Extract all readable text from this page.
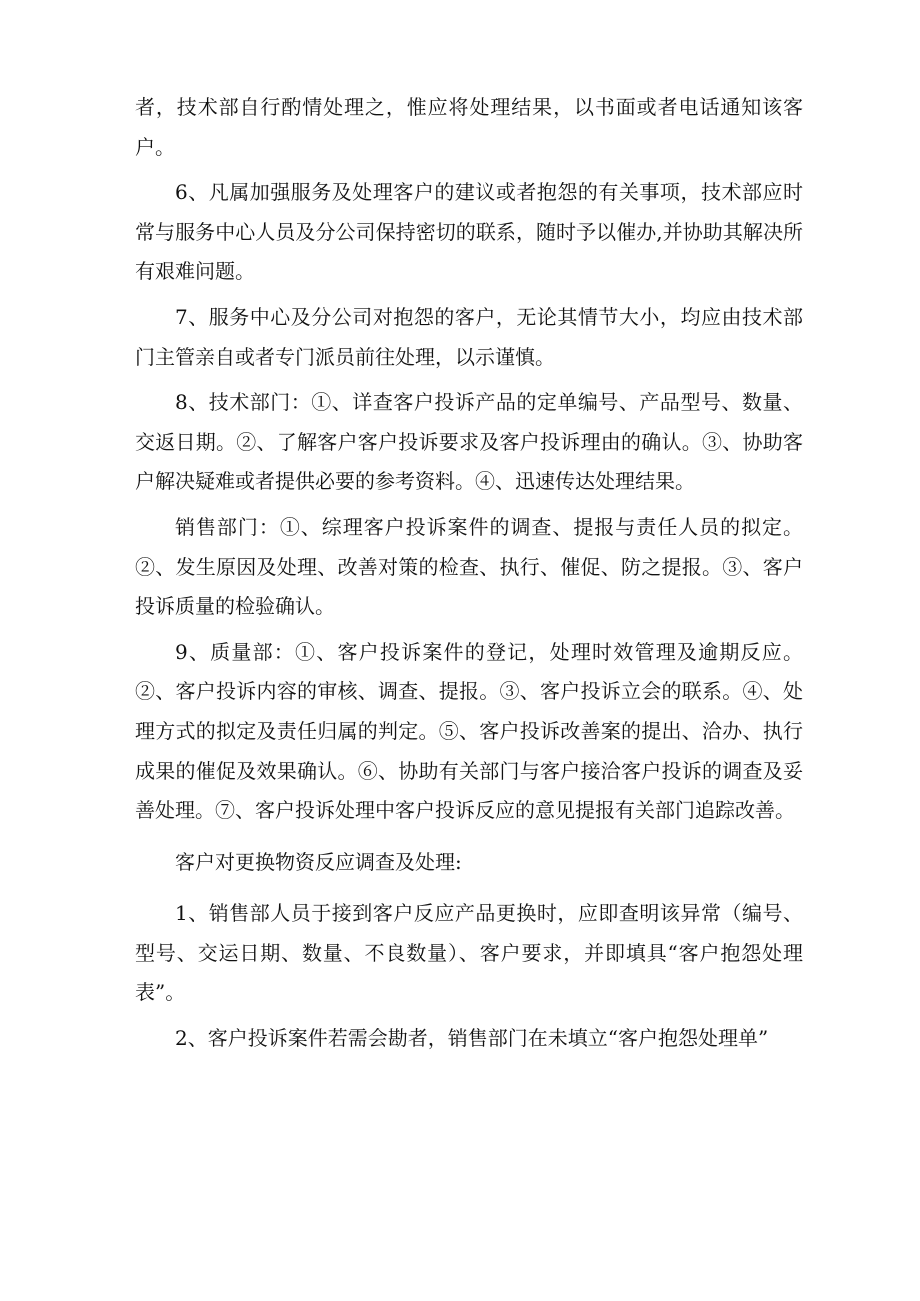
者，技术部自行酌情处理之，惟应将处理结果，以书面或者电话通知该客户。

6、凡属加强服务及处理客户的建议或者抱怨的有关事项，技术部应时常与服务中心人员及分公司保持密切的联系，随时予以催办,并协助其解决所有艰难问题。

7、服务中心及分公司对抱怨的客户，无论其情节大小，均应由技术部门主管亲自或者专门派员前往处理，以示谨慎。

8、技术部门：①、详查客户投诉产品的定单编号、产品型号、数量、交返日期。②、了解客户客户投诉要求及客户投诉理由的确认。③、协助客户解决疑难或者提供必要的参考资料。④、迅速传达处理结果。

销售部门：①、综理客户投诉案件的调查、提报与责任人员的拟定。②、发生原因及处理、改善对策的检查、执行、催促、防之提报。③、客户投诉质量的检验确认。

9、质量部：①、客户投诉案件的登记，处理时效管理及逾期反应。②、客户投诉内容的审核、调查、提报。③、客户投诉立会的联系。④、处理方式的拟定及责任归属的判定。⑤、客户投诉改善案的提出、洽办、执行成果的催促及效果确认。⑥、协助有关部门与客户接洽客户投诉的调查及妥善处理。⑦、客户投诉处理中客户投诉反应的意见提报有关部门追踪改善。

客户对更换物资反应调查及处理:

1、销售部人员于接到客户反应产品更换时，应即查明该异常（编号、型号、交运日期、数量、不良数量）、客户要求，并即填具“客户抱怨处理表”。

2、客户投诉案件若需会勘者，销售部门在未填立“客户抱怨处理单”
